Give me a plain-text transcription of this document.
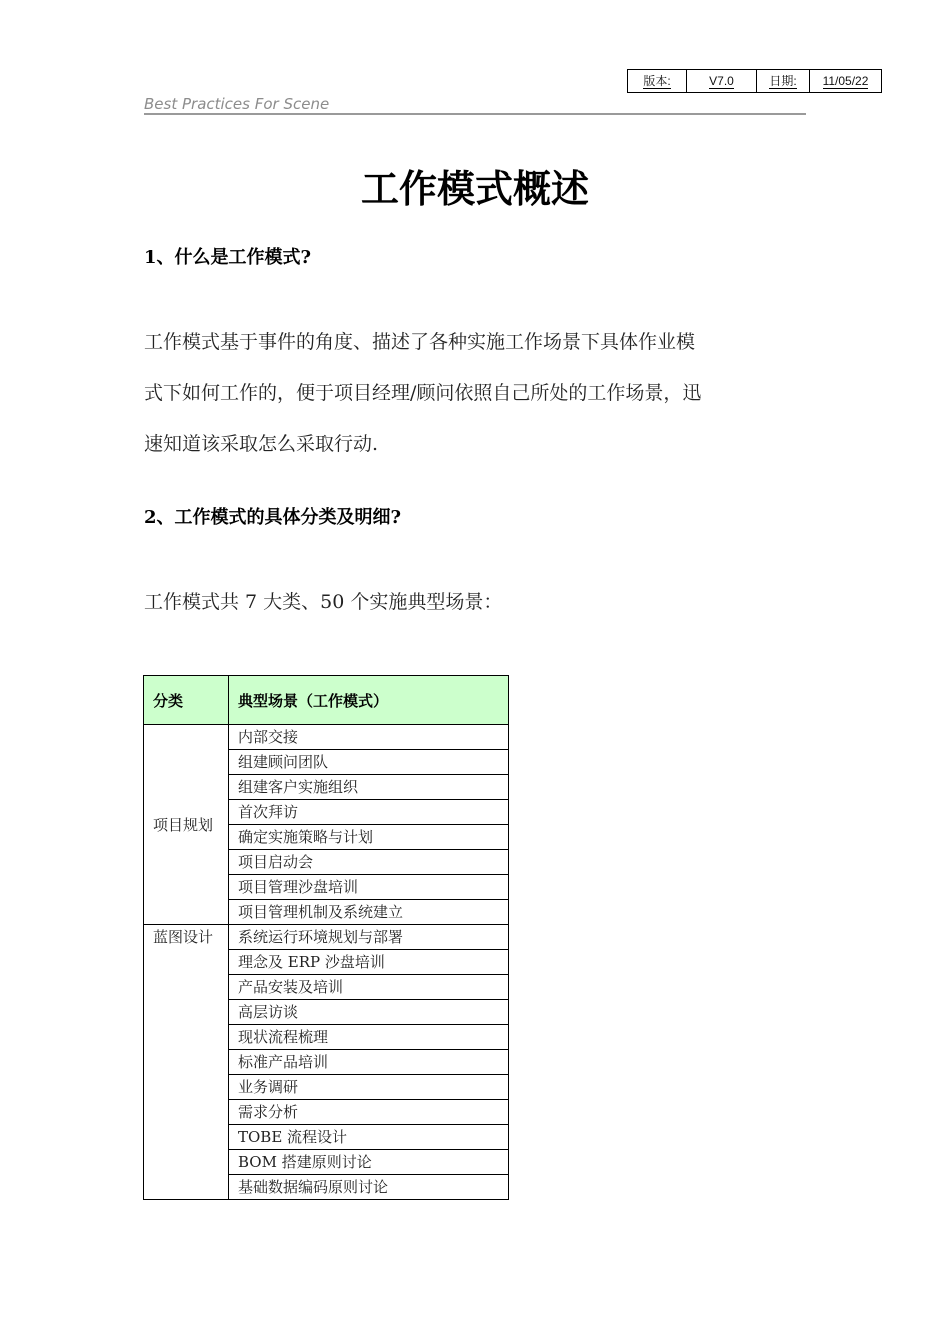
版本:	V7.0	日期:	11/05/22
Best Practices For Scene
工作模式概述
1、什么是工作模式?
工作模式基于事件的角度、描述了各种实施工作场景下具体作业模
式下如何工作的，便于项目经理/顾问依照自己所处的工作场景，迅
速知道该采取怎么采取行动.
2、工作模式的具体分类及明细?
工作模式共 7 大类、50 个实施典型场景：
分类	典型场景（工作模式）
项目规划	内部交接
	组建顾问团队
	组建客户实施组织
	首次拜访
	确定实施策略与计划
	项目启动会
	项目管理沙盘培训
	项目管理机制及系统建立
蓝图设计	系统运行环境规划与部署
	理念及 ERP 沙盘培训
	产品安装及培训
	高层访谈
	现状流程梳理
	标准产品培训
	业务调研
	需求分析
	TOBE 流程设计
	BOM 搭建原则讨论
	基础数据编码原则讨论
